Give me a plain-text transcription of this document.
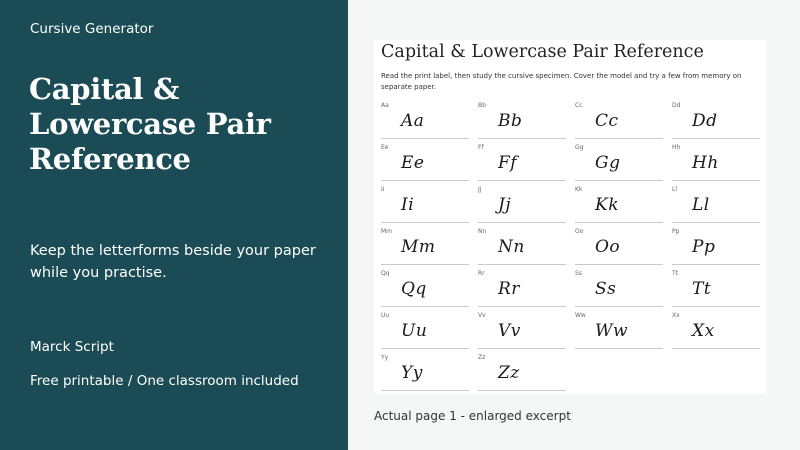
Cursive Generator
Capital & Lowercase Pair Reference

Keep the letterforms beside your paper while you practise.

Marck Script
Free printable / One classroom included
Capital & Lowercase Pair Reference
Read the print label, then study the cursive specimen. Cover the model and try a few from memory on separate paper.
Aa
Aa
Bb
Bb
Cc
Cc
Dd
Dd
Ee
Ee
Ff
Ff
Gg
Gg
Hh
Hh
Ii
Ii
Jj
Jj
Kk
Kk
Ll
Ll
Mm
Mm
Nn
Nn
Oo
Oo
Pp
Pp
Qq
Qq
Rr
Rr
Ss
Ss
Tt
Tt
Uu
Uu
Vv
Vv
Ww
Ww
Xx
Xx
Yy
Yy
Zz
Zz
Actual page 1 - enlarged excerpt
